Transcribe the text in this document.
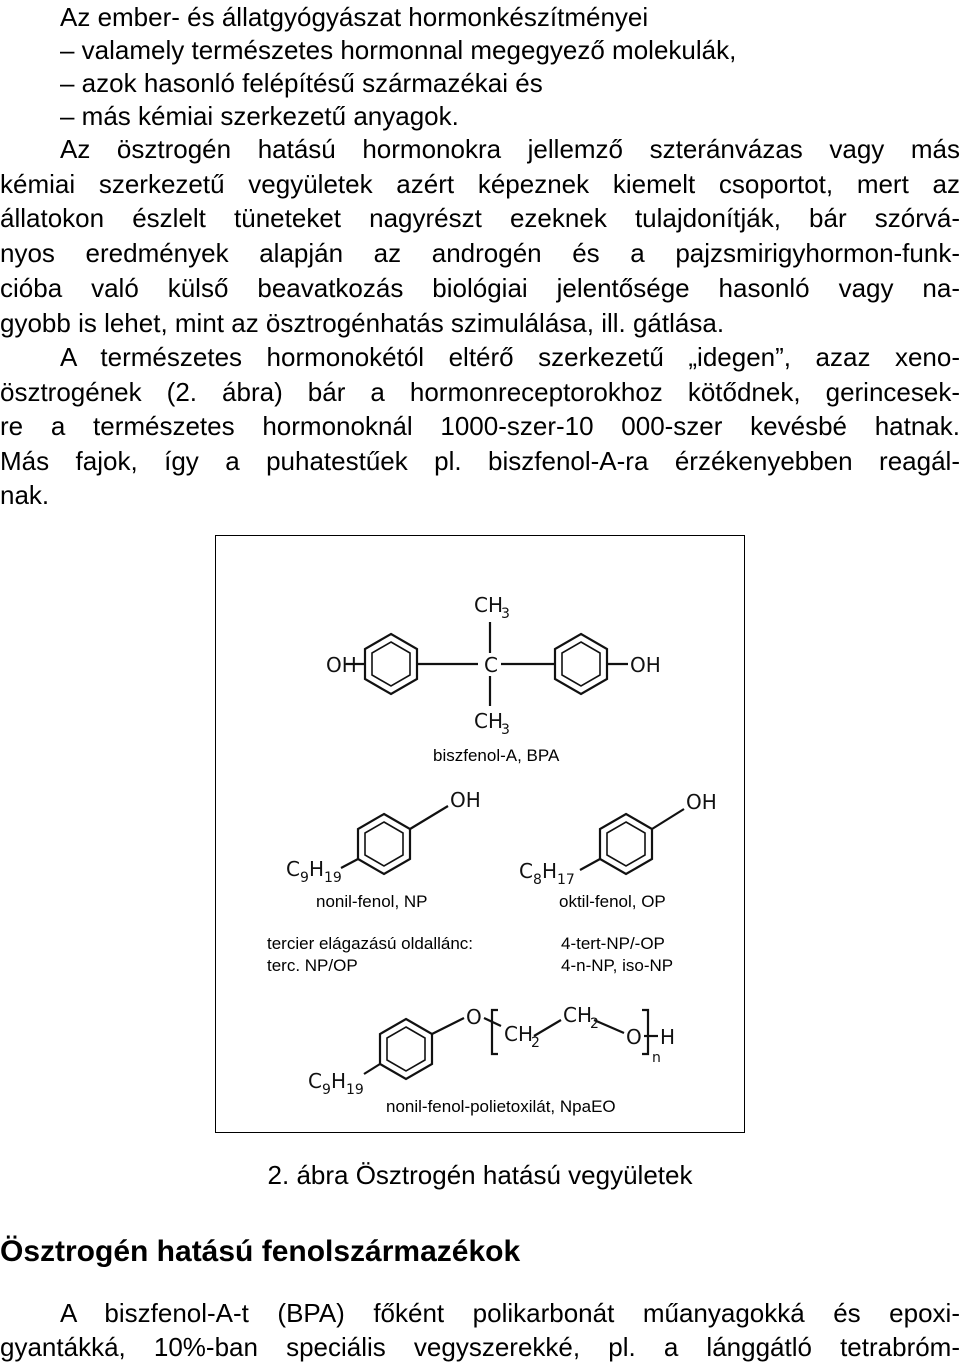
Az ember- és állatgyógyászat hormonkészítményei

– valamely természetes hormonnal megegyező molekulák,

– azok hasonló felépítésű származékai és

– más kémiai szerkezetű anyagok.

Az ösztrogén hatású hormonokra jellemző szteránvázas vagy más

kémiai szerkezetű vegyületek azért képeznek kiemelt csoportot, mert az

állatokon észlelt tüneteket nagyrészt ezeknek tulajdonítják, bár szórvá-

nyos eredmények alapján az androgén és a pajzsmirigyhormon-funk-

cióba való külső beavatkozás biológiai jelentősége hasonló vagy na-

gyobb is lehet, mint az ösztrogénhatás szimulálása, ill. gátlása.

A természetes hormonokétól eltérő szerkezetű „idegen”, azaz xeno-

ösztrogének (2. ábra) bár a hormonreceptorokhoz kötődnek, gerincesek-

re a természetes hormonoknál 1000-szer-10 000-szer kevésbé hatnak.

Más fajok, így a puhatestűek pl. biszfenol-A-ra érzékenyebben reagál-

nak.

OH	C	OH
CH
3
CH
3
OH
C 9 H 19
OH
C 8 H 17
O
CH
2
CH
2
O H
n
C 9 H 19
biszfenol-A, BPA
nonil-fenol, NP	oktil-fenol, OP
tercier elágazású oldallánc:
terc. NP/OP
4-tert-NP/-OP
4-n-NP, iso-NP
nonil-fenol-polietoxilát, NpaEO
2. ábra Ösztrogén hatású vegyületek
Ösztrogén hatású fenolszármazékok

A biszfenol-A-t (BPA) főként polikarbonát műanyagokká és epoxi-

gyantákká, 10%-ban speciális vegyszerekké, pl. a lánggátló tetrabróm-
